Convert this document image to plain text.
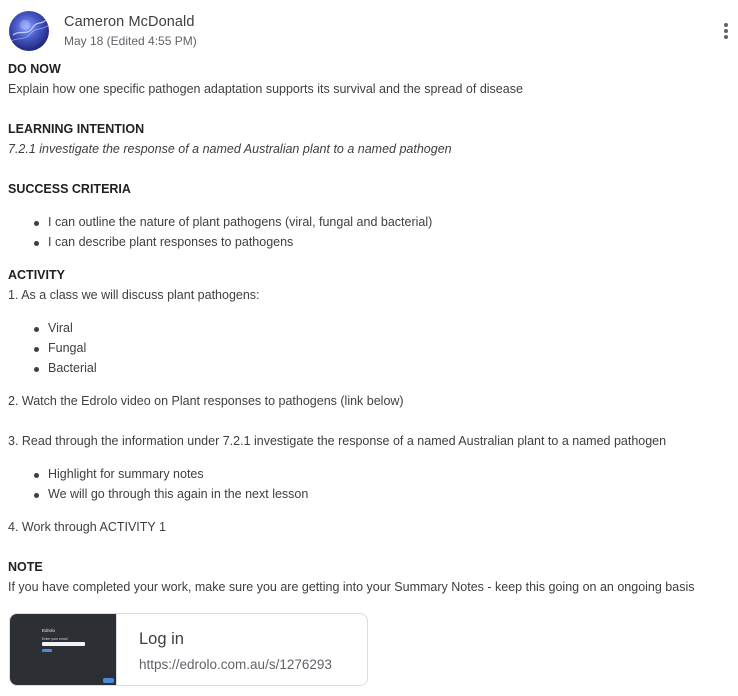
Cameron McDonald
May 18 (Edited 4:55 PM)
DO NOW
Explain how one specific pathogen adaptation supports its survival and the spread of disease
LEARNING INTENTION
7.2.1 investigate the response of a named Australian plant to a named pathogen
SUCCESS CRITERIA
I can outline the nature of plant pathogens (viral, fungal and bacterial)
I can describe plant responses to pathogens
ACTIVITY
1. As a class we will discuss plant pathogens:
Viral
Fungal
Bacterial
2. Watch the Edrolo video on Plant responses to pathogens (link below)
3. Read through the information under 7.2.1 investigate the response of a named Australian plant to a named pathogen
Highlight for summary notes
We will go through this again in the next lesson
4. Work through ACTIVITY 1
NOTE
If you have completed your work, make sure you are getting into your Summary Notes - keep this going on an ongoing basis
Edrolo
Enter your email	Log in
https://edrolo.com.au/s/1276293
